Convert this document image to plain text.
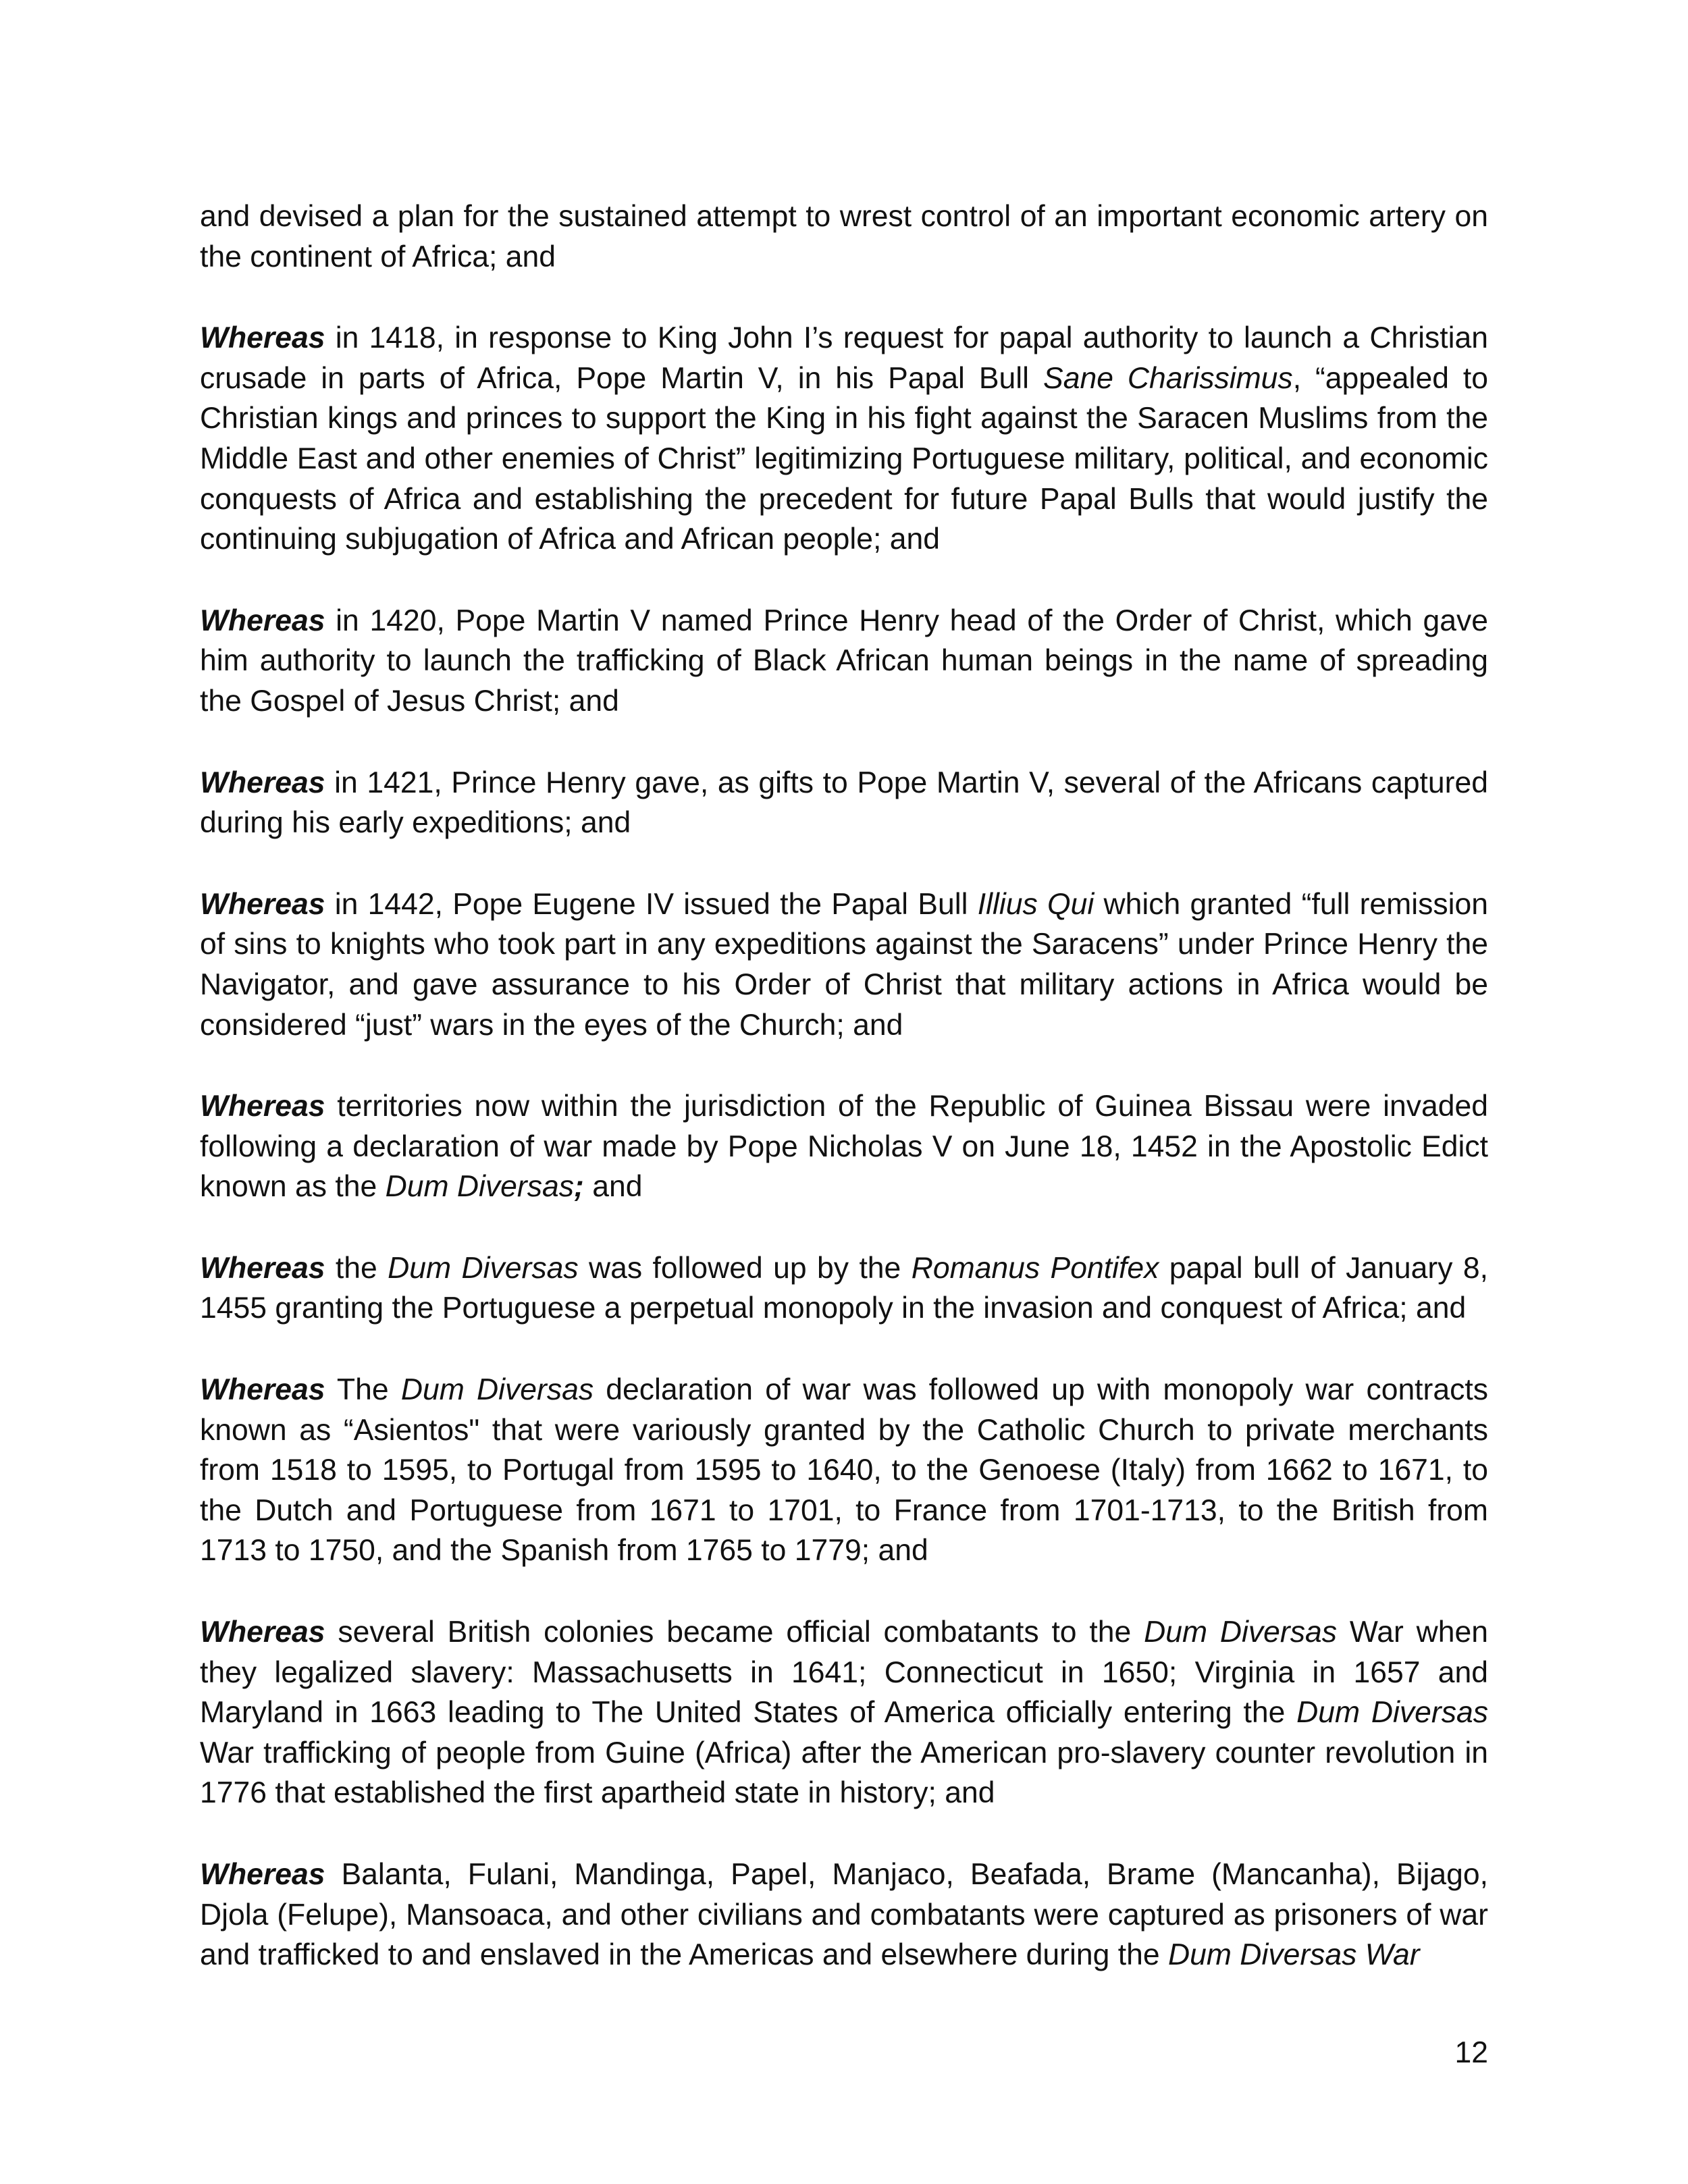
and devised a plan for the sustained attempt to wrest control of an important economic artery on the continent of Africa; and

Whereas in 1418, in response to King John I’s request for papal authority to launch a Christian crusade in parts of Africa, Pope Martin V, in his Papal Bull Sane Charissimus, “appealed to Christian kings and princes to support the King in his fight against the Saracen Muslims from the Middle East and other enemies of Christ” legitimizing Portuguese military, political, and economic conquests of Africa and establishing the precedent for future Papal Bulls that would justify the continuing subjugation of Africa and African people; and

Whereas in 1420, Pope Martin V named Prince Henry head of the Order of Christ, which gave him authority to launch the trafficking of Black African human beings in the name of spreading the Gospel of Jesus Christ; and

Whereas in 1421, Prince Henry gave, as gifts to Pope Martin V, several of the Africans captured during his early expeditions; and

Whereas in 1442, Pope Eugene IV issued the Papal Bull Illius Qui which granted “full remission of sins to knights who took part in any expeditions against the Saracens” under Prince Henry the Navigator, and gave assurance to his Order of Christ that military actions in Africa would be considered “just” wars in the eyes of the Church; and

Whereas territories now within the jurisdiction of the Republic of Guinea Bissau were invaded following a declaration of war made by Pope Nicholas V on June 18, 1452 in the Apostolic Edict known as the Dum Diversas; and

Whereas the Dum Diversas was followed up by the Romanus Pontifex papal bull of January 8, 1455 granting the Portuguese a perpetual monopoly in the invasion and conquest of Africa; and

Whereas The Dum Diversas declaration of war was followed up with monopoly war contracts known as “Asientos" that were variously granted by the Catholic Church to private merchants from 1518 to 1595, to Portugal from 1595 to 1640, to the Genoese (Italy) from 1662 to 1671, to the Dutch and Portuguese from 1671 to 1701, to France from 1701-1713, to the British from 1713 to 1750, and the Spanish from 1765 to 1779; and

Whereas several British colonies became official combatants to the Dum Diversas War when they legalized slavery: Massachusetts in 1641; Connecticut in 1650; Virginia in 1657 and Maryland in 1663 leading to The United States of America officially entering the Dum Diversas War trafficking of people from Guine (Africa) after the American pro-slavery counter revolution in 1776 that established the first apartheid state in history; and

Whereas Balanta, Fulani, Mandinga, Papel, Manjaco, Beafada, Brame (Mancanha), Bijago, Djola (Felupe), Mansoaca, and other civilians and combatants were captured as prisoners of war and trafficked to and enslaved in the Americas and elsewhere during the Dum Diversas War

12
